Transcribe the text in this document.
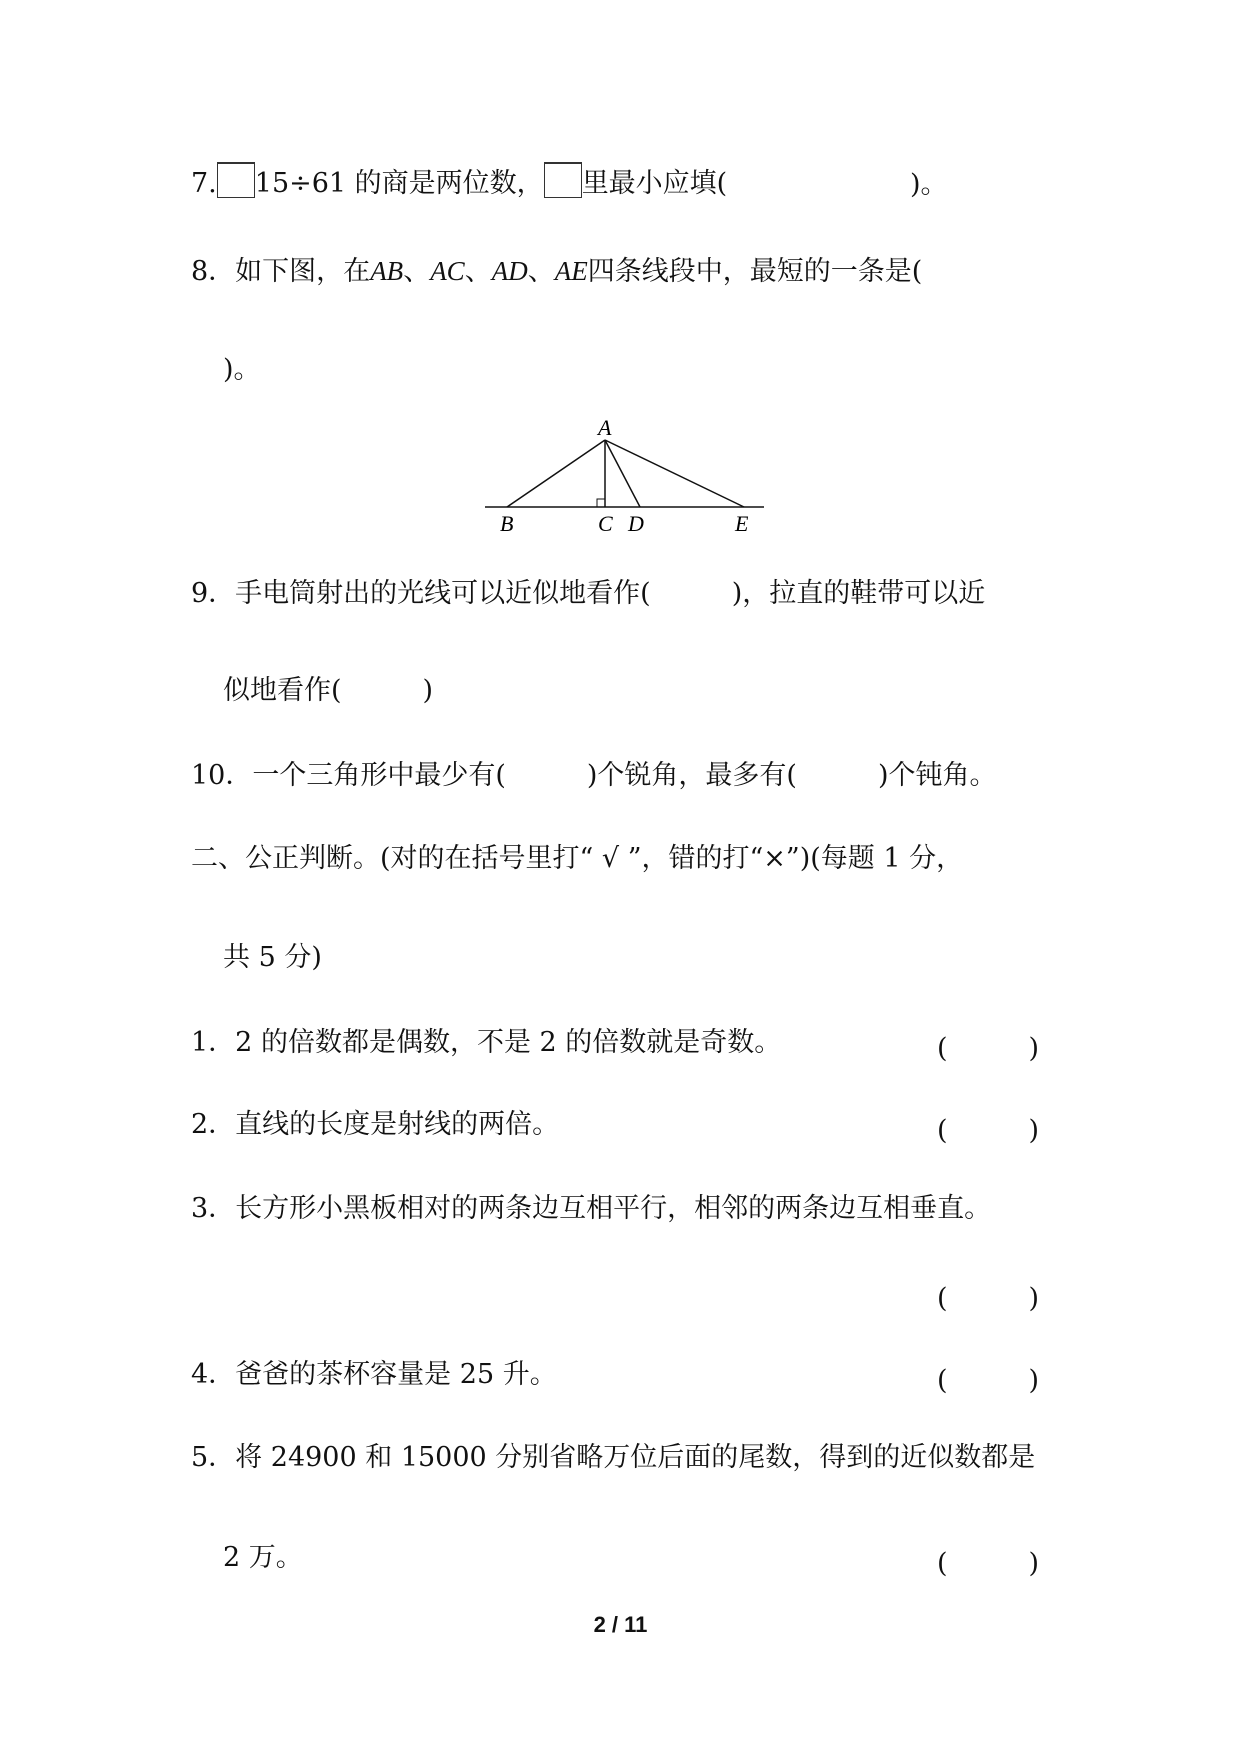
7. 15÷61 的商是两位数， 里最小应填(	)。
8．如下图，在AB、AC、AD、AE四条线段中，最短的一条是(
)。
A
B	C D	E
9．手电筒射出的光线可以近似地看作(　　　)，拉直的鞋带可以近
似地看作(　　　)
10．一个三角形中最少有(　　　)个锐角，最多有(　　　)个钝角。
二、公正判断。(对的在括号里打“ √ ”，错的打“×”)(每题 1 分，
共 5 分)
1．2 的倍数都是偶数，不是 2 的倍数就是奇数。	(　　　)
2．直线的长度是射线的两倍。	(　　　)
3．长方形小黑板相对的两条边互相平行，相邻的两条边互相垂直。
(　　　)
4．爸爸的茶杯容量是 25 升。	(　　　)
5．将 24900 和 15000 分别省略万位后面的尾数，得到的近似数都是
2 万。	(　　　)
2 / 11
